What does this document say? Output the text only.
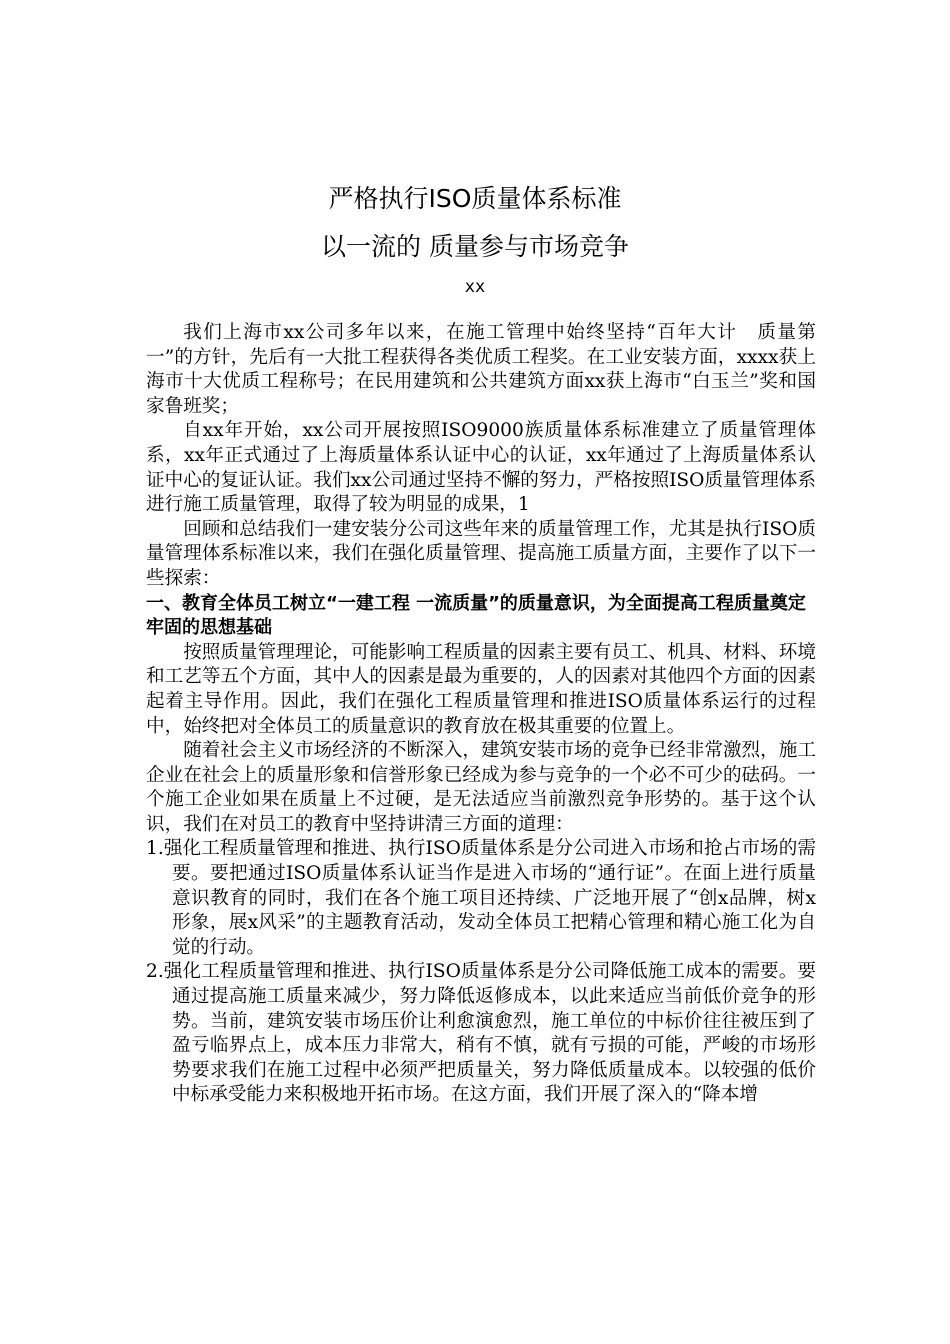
严格执行ISO质量体系标准
以一流的 质量参与市场竞争
xx

我们上海市xx公司多年以来，在施工管理中始终坚持“百年大计　质量第一”的方针，先后有一大批工程获得各类优质工程奖。在工业安装方面，xxxx获上海市十大优质工程称号；在民用建筑和公共建筑方面xx获上海市“白玉兰”奖和国家鲁班奖；

自xx年开始，xx公司开展按照ISO9000族质量体系标准建立了质量管理体系，xx年正式通过了上海质量体系认证中心的认证，xx年通过了上海质量体系认证中心的复证认证。我们xx公司通过坚持不懈的努力，严格按照ISO质量管理体系进行施工质量管理，取得了较为明显的成果，1

回顾和总结我们一建安装分公司这些年来的质量管理工作，尤其是执行ISO质量管理体系标准以来，我们在强化质量管理、提高施工质量方面，主要作了以下一些探索：

一、教育全体员工树立“一建工程 一流质量”的质量意识，为全面提高工程质量奠定牢固的思想基础

按照质量管理理论，可能影响工程质量的因素主要有员工、机具、材料、环境和工艺等五个方面，其中人的因素是最为重要的，人的因素对其他四个方面的因素起着主导作用。因此，我们在强化工程质量管理和推进ISO质量体系运行的过程中，始终把对全体员工的质量意识的教育放在极其重要的位置上。

随着社会主义市场经济的不断深入，建筑安装市场的竞争已经非常激烈，施工企业在社会上的质量形象和信誉形象已经成为参与竞争的一个必不可少的砝码。一个施工企业如果在质量上不过硬，是无法适应当前激烈竞争形势的。基于这个认识，我们在对员工的教育中坚持讲清三方面的道理：

1.强化工程质量管理和推进、执行ISO质量体系是分公司进入市场和抢占市场的需要。要把通过ISO质量体系认证当作是进入市场的“通行证”。在面上进行质量意识教育的同时，我们在各个施工项目还持续、广泛地开展了“创x品牌，树x形象，展x风采”的主题教育活动，发动全体员工把精心管理和精心施工化为自觉的行动。

2.强化工程质量管理和推进、执行ISO质量体系是分公司降低施工成本的需要。要通过提高施工质量来减少，努力降低返修成本，以此来适应当前低价竞争的形势。当前，建筑安装市场压价让利愈演愈烈，施工单位的中标价往往被压到了盈亏临界点上，成本压力非常大，稍有不慎，就有亏损的可能，严峻的市场形势要求我们在施工过程中必须严把质量关，努力降低质量成本。以较强的低价中标承受能力来积极地开拓市场。在这方面，我们开展了深入的“降本增
